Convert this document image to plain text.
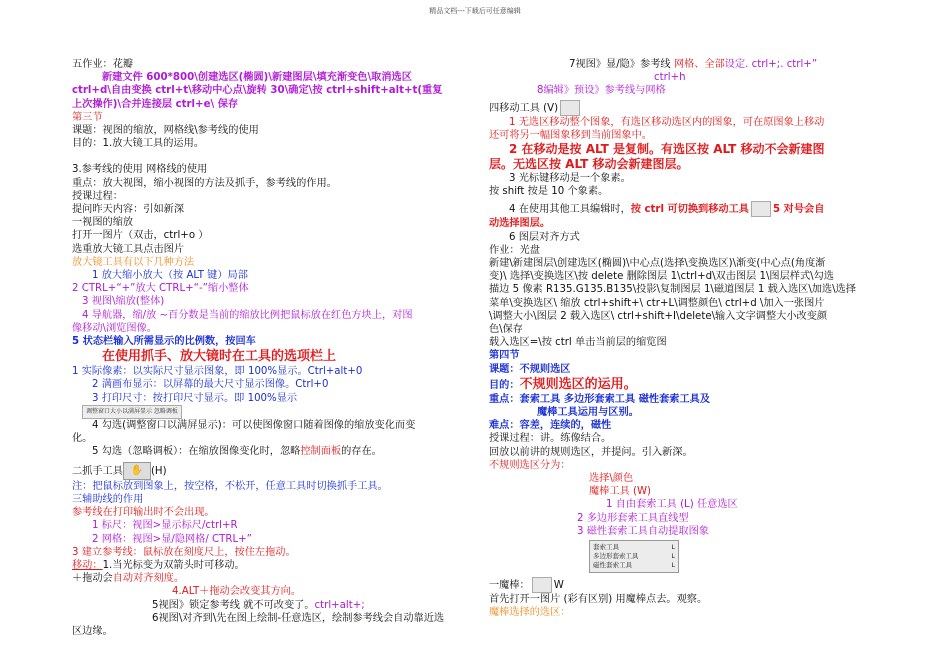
精品文档---下载后可任意编辑
五作业：花瓣
新建文件 600*800\创建选区(椭圆)\新建图层\填充渐变色\取消选区
ctrl+d\自由变换 ctrl+t\移动中心点\旋转 30\确定\按 ctrl+shift+alt+t(重复
上次操作)\合并连接层 ctrl+e\ 保存
第三节
课题：视图的缩放，网格线\参考线的使用
目的：1.放大镜工具的运用。
3.参考线的使用 网格线的使用
重点：放大视图，缩小视图的方法及抓手，参考线的作用。
授课过程：
提问昨天内容：引如新深
一视图的缩放
打开一图片（双击，ctrl+o ）
选重放大镜工具点击图片
放大镜工具有以下几种方法
1 放大缩小放大（按 ALT 键）局部
2 CTRL+“+”放大 CTRL+“-”缩小整体
3 视图\缩放(整体)
4 导航器，缩/放 ~百分数是当前的缩放比例把鼠标放在红色方块上，对图
像移动\浏览图像。
5 状态栏输入所需显示的比例数，按回车
在使用抓手、放大镜时在工具的选项栏上
1 实际像素：以实际尺寸显示图象，即 100%显示。Ctrl+alt+0
2 满画布显示：以屏幕的最大尺寸显示图像。Ctrl+0
3 打印尺寸：按打印尺寸显示。即 100%显示
调整窗口大小以满屏显示 忽略调板
4 勾选(调整窗口以满屏显示)：可以使图像窗口随着图像的缩放变化而变
化。
5 勾选（忽略调板）：在缩放图像变化时，忽略控制面板的存在。
二抓手工具 ✋ (H)
注：把鼠标放到图象上，按空格，不松开，任意工具时切换抓手工具。
三辅助线的作用
参考线在打印输出时不会出现。
1 标尺：视图>显示标尺/ctrl+R
2 网格：视图>显/隐网格/ CTRL+”
3 建立参考线：鼠标放在刻度尺上，按住左拖动。
移动：1.当光标变为双箭头时可移动。
＋拖动会自动对齐刻度。
4.ALT＋拖动会改变其方向。
5视图》锁定参考线 就不可改变了。ctrl+alt+;
6视图\对齐到\先在图上绘制-任意选区，绘制参考线会自动靠近选
区边缘。
7视图》显/隐》参考线 网格、全部设定. ctrl+;. ctrl+”
ctrl+h
8编辑》预设》参考线与网格
四移动工具 (V)
1 无选区移动整个图象，有选区移动选区内的图象，可在原图象上移动
还可将另一幅图象移到当前图象中。
2 在移动是按 ALT 是复制。有选区按 ALT 移动不会新建图
层。无选区按 ALT 移动会新建图层。
3 光标键移动是一个象素。
按 shift 按是 10 个象素。
4 在使用其他工具编辑时，按 ctrl 可切换到移动工具 5 对号会自
动选择图层。
6 图层对齐方式
作业：光盘
新建\新建图层\创建选区(椭圆)\中心点(选择\变换选区)\渐变(中心点(角度渐
变)\ 选择\变换选区\按 delete 删除图层 1\ctrl+d\双击图层 1\图层样式\勾选
描边 5 像素 R135.G135.B135\投影\复制图层 1\磁道图层 1 载入选区\加选\选择
菜单\变换选区\ 缩放 ctrl+shift+\ ctr+L\调整颜色\ ctrl+d \加入一张图片
\调整大小\图层 2 载入选区\ ctrl+shift+I\delete\输入文字调整大小改变颜
色\保存
载入选区=\按 ctrl 单击当前层的缩览图
第四节
课题：不规则选区
目的：不规则选区的运用。
重点：套索工具 多边形套索工具 磁性套索工具及
魔棒工具运用与区别。
难点：容差，连续的，磁性
授课过程：讲。练像结合。
回放以前讲的规则选区，并提问。引入新深。
不规则选区分为：
选择\颜色
魔棒工具 (W)
1 自由套索工具 (L) 任意选区
2 多边形套索工具直线型
3 磁性套索工具自动提取图象
套索工具	L
多边形套索工具	L
磁性套索工具	L
一魔棒： W
首先打开一图片 (彩有区别) 用魔棒点去。观察。
魔棒选择的选区：
